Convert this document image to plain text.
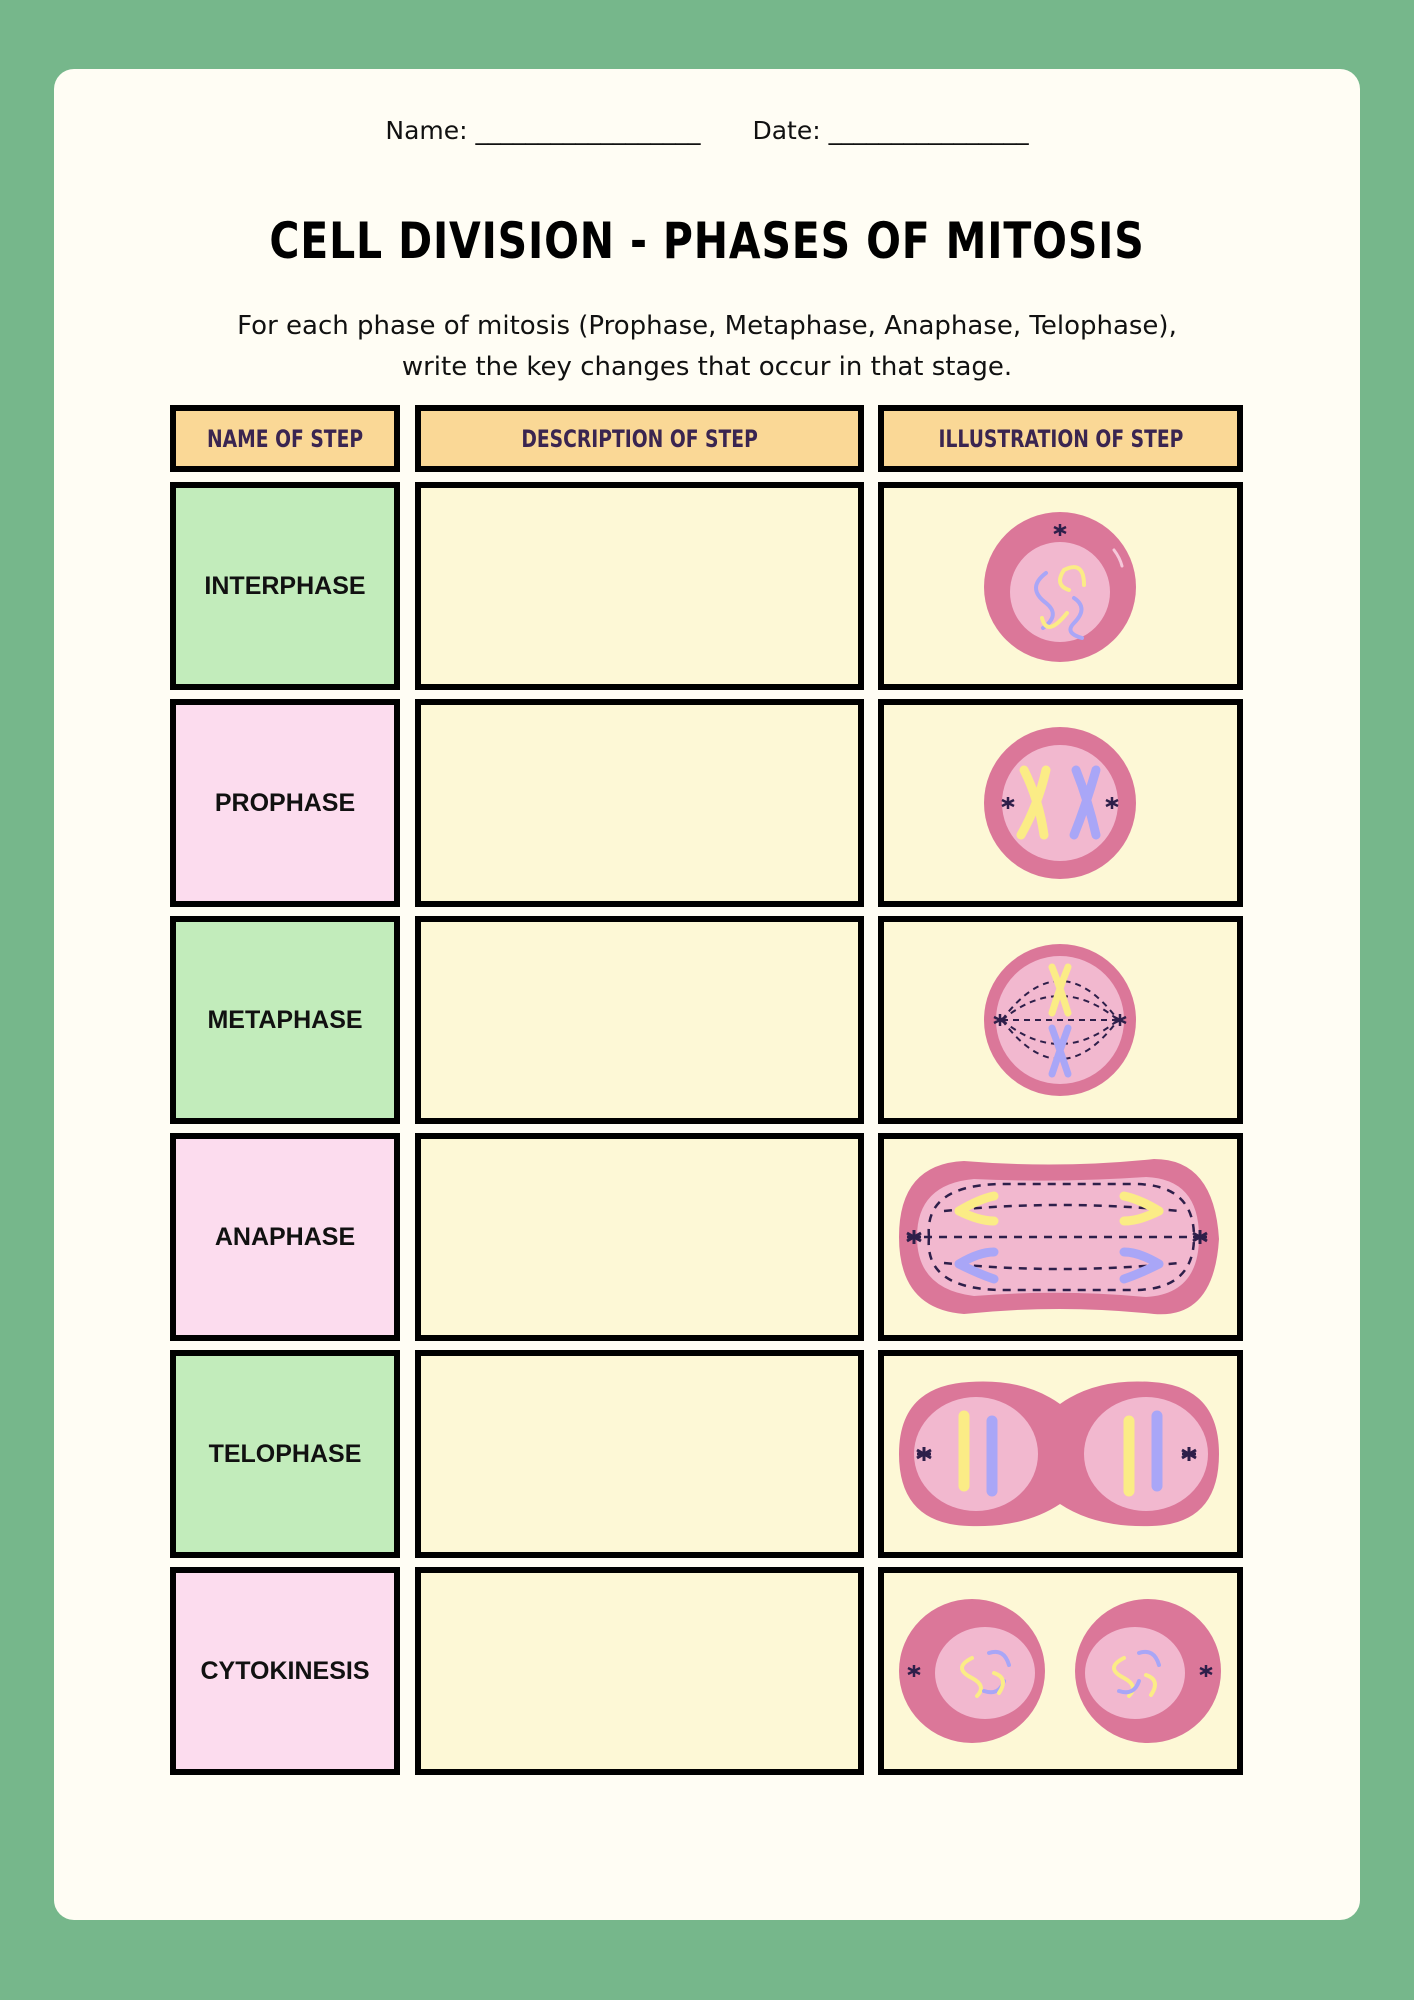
Name: __________________ Date: ________________
CELL DIVISION - PHASES OF MITOSIS
For each phase of mitosis (Prophase, Metaphase, Anaphase, Telophase),
write the key changes that occur in that stage.
NAME OF STEP	DESCRIPTION OF STEP	ILLUSTRATION OF STEP
INTERPHASE
PROPHASE
METAPHASE
ANAPHASE
TELOPHASE
CYTOKINESIS
